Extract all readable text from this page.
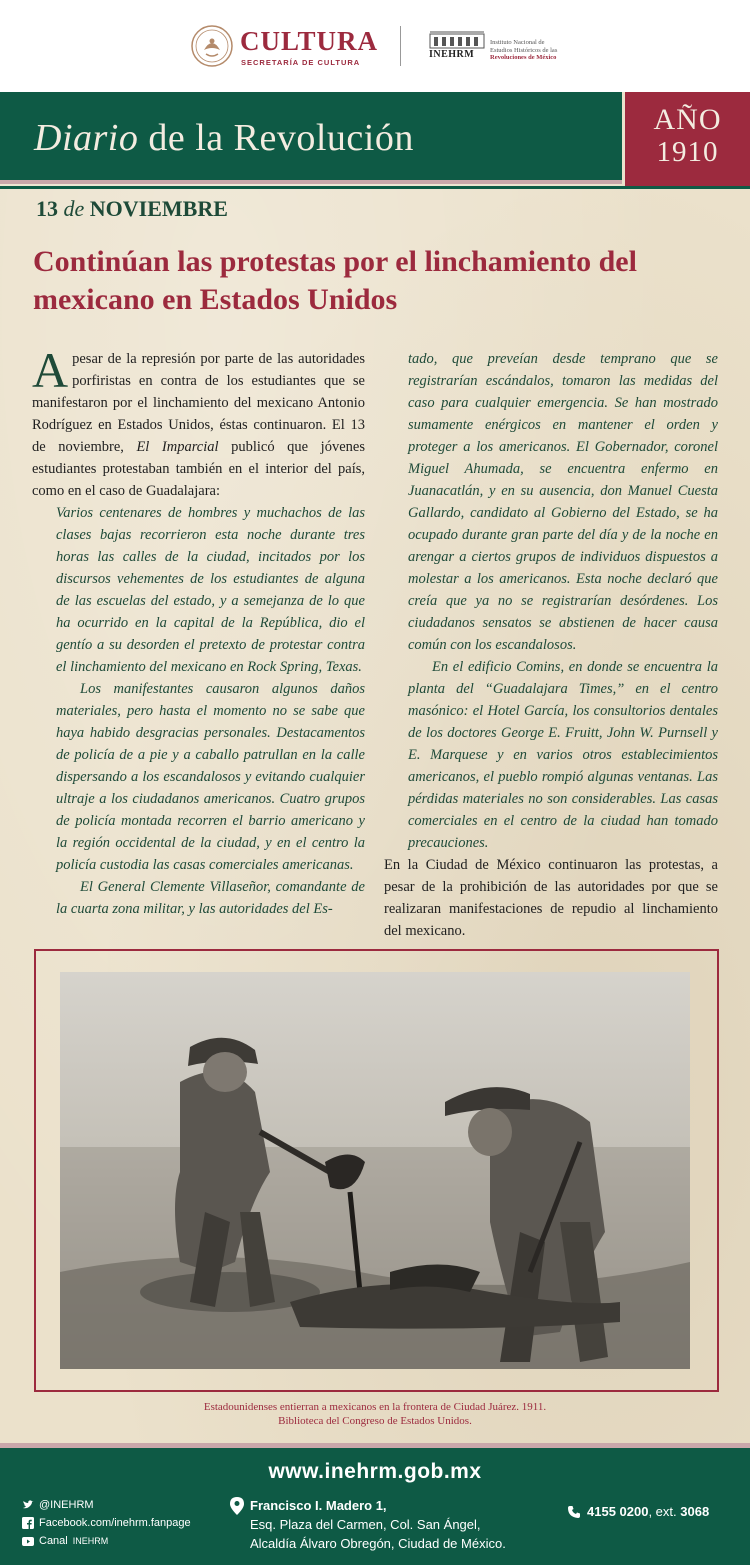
CULTURA
SECRETARÍA DE CULTURA
INEHRM
Instituto Nacional de
Estudios Históricos de las
Revoluciones de México
Diario de la Revolución	AÑO
1910
13 de NOVIEMBRE
Continúan las protestas por el linchamiento del mexicano en Estados Unidos

Apesar de la represión por parte de las autoridades porfiristas en contra de los estudiantes que se manifestaron por el linchamiento del mexicano Antonio Rodríguez en Estados Unidos, éstas continuaron. El 13 de noviembre, El Imparcial publicó que jóvenes estudiantes protestaban también en el interior del país, como en el caso de Guadalajara:

Varios centenares de hombres y muchachos de las clases bajas recorrieron esta noche durante tres horas las calles de la ciudad, incitados por los discursos vehementes de los estudiantes de alguna de las escuelas del estado, y a semejanza de lo que ha ocurrido en la capital de la República, dio el gentío a su desorden el pretexto de protestar contra el linchamiento del mexicano en Rock Spring, Texas.

Los manifestantes causaron algunos daños materiales, pero hasta el momento no se sabe que haya habido desgracias personales. Destacamentos de policía de a pie y a caballo patrullan en la calle dispersando a los escandalosos y evitando cualquier ultraje a los ciudadanos americanos. Cuatro grupos de policía montada recorren el barrio americano y la región occidental de la ciudad, y en el centro la policía custodia las casas comerciales americanas.

El General Clemente Villaseñor, comandante de la cuarta zona militar, y las autoridades del Es-

tado, que preveían desde temprano que se registrarían escándalos, tomaron las medidas del caso para cualquier emergencia. Se han mostrado sumamente enérgicos en mantener el orden y proteger a los americanos. El Gobernador, coronel Miguel Ahumada, se encuentra enfermo en Juanacatlán, y en su ausencia, don Manuel Cuesta Gallardo, candidato al Gobierno del Estado, se ha ocupado durante gran parte del día y de la noche en arengar a ciertos grupos de individuos dispuestos a molestar a los americanos. Esta noche declaró que creía que ya no se registrarían desórdenes. Los ciudadanos sensatos se abstienen de hacer causa común con los escandalosos.

En el edificio Comins, en donde se encuentra la planta del “Guadalajara Times,” en el centro masónico: el Hotel García, los consultorios dentales de los doctores George E. Fruitt, John W. Purnsell y E. Marquese y en varios otros establecimientos americanos, el pueblo rompió algunas ventanas. Las pérdidas materiales no son considerables. Las casas comerciales en el centro de la ciudad han tomado precauciones.

En la Ciudad de México continuaron las protestas, a pesar de la prohibición de las autoridades por que se realizaran manifestaciones de repudio al linchamiento del mexicano.

Estadounidenses entierran a mexicanos en la frontera de Ciudad Juárez. 1911.
Biblioteca del Congreso de Estados Unidos.
www.inehrm.gob.mx
@INEHRM
Facebook.com/inehrm.fanpage
Canal INEHRM
Francisco I. Madero 1,
Esq. Plaza del Carmen, Col. San Ángel,
Alcaldía Álvaro Obregón, Ciudad de México.
4155 0200, ext. 3068
